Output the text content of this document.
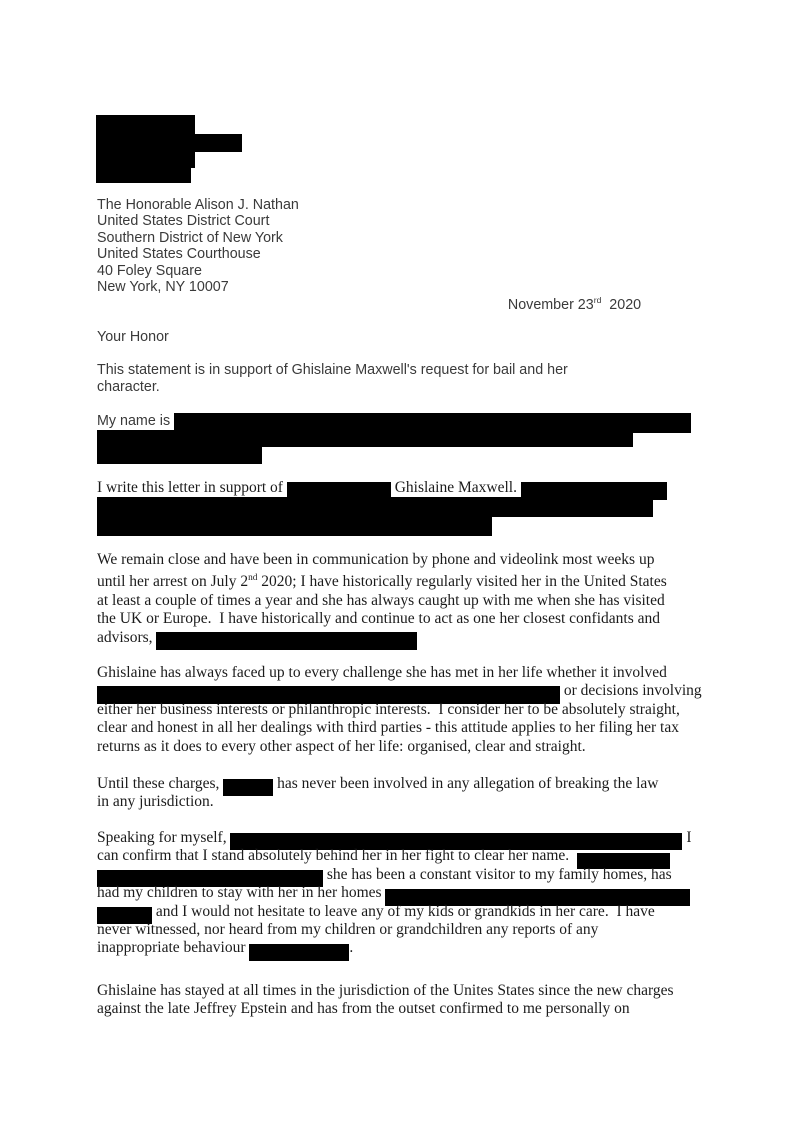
The Honorable Alison J. Nathan
United States District Court
Southern District of New York
United States Courthouse
40 Foley Square
New York, NY 10007

November 23rd  2020

Your Honor
This statement is in support of Ghislaine Maxwell's request for bail and her
character.
My name is
I write this letter in support of	Ghislaine Maxwell.
We remain close and have been in communication by phone and videolink most weeks up
until her arrest on July 2nd 2020; I have historically regularly visited her in the United States
at least a couple of times a year and she has always caught up with me when she has visited
the UK or Europe.  I have historically and continue to act as one her closest confidants and
advisors,
Ghislaine has always faced up to every challenge she has met in her life whether it involved
or decisions involving
either her business interests or philanthropic interests.  I consider her to be absolutely straight,
clear and honest in all her dealings with third parties - this attitude applies to her filing her tax
returns as it does to every other aspect of her life: organised, clear and straight.
Until these charges,	has never been involved in any allegation of breaking the law
in any jurisdiction.
Speaking for myself,	I
can confirm that I stand absolutely behind her in her fight to clear her name.
she has been a constant visitor to my family homes, has
had my children to stay with her in her homes
and I would not hesitate to leave any of my kids or grandkids in her care.  I have
never witnessed, nor heard from my children or grandchildren any reports of any
inappropriate behaviour	.
Ghislaine has stayed at all times in the jurisdiction of the Unites States since the new charges
against the late Jeffrey Epstein and has from the outset confirmed to me personally on
